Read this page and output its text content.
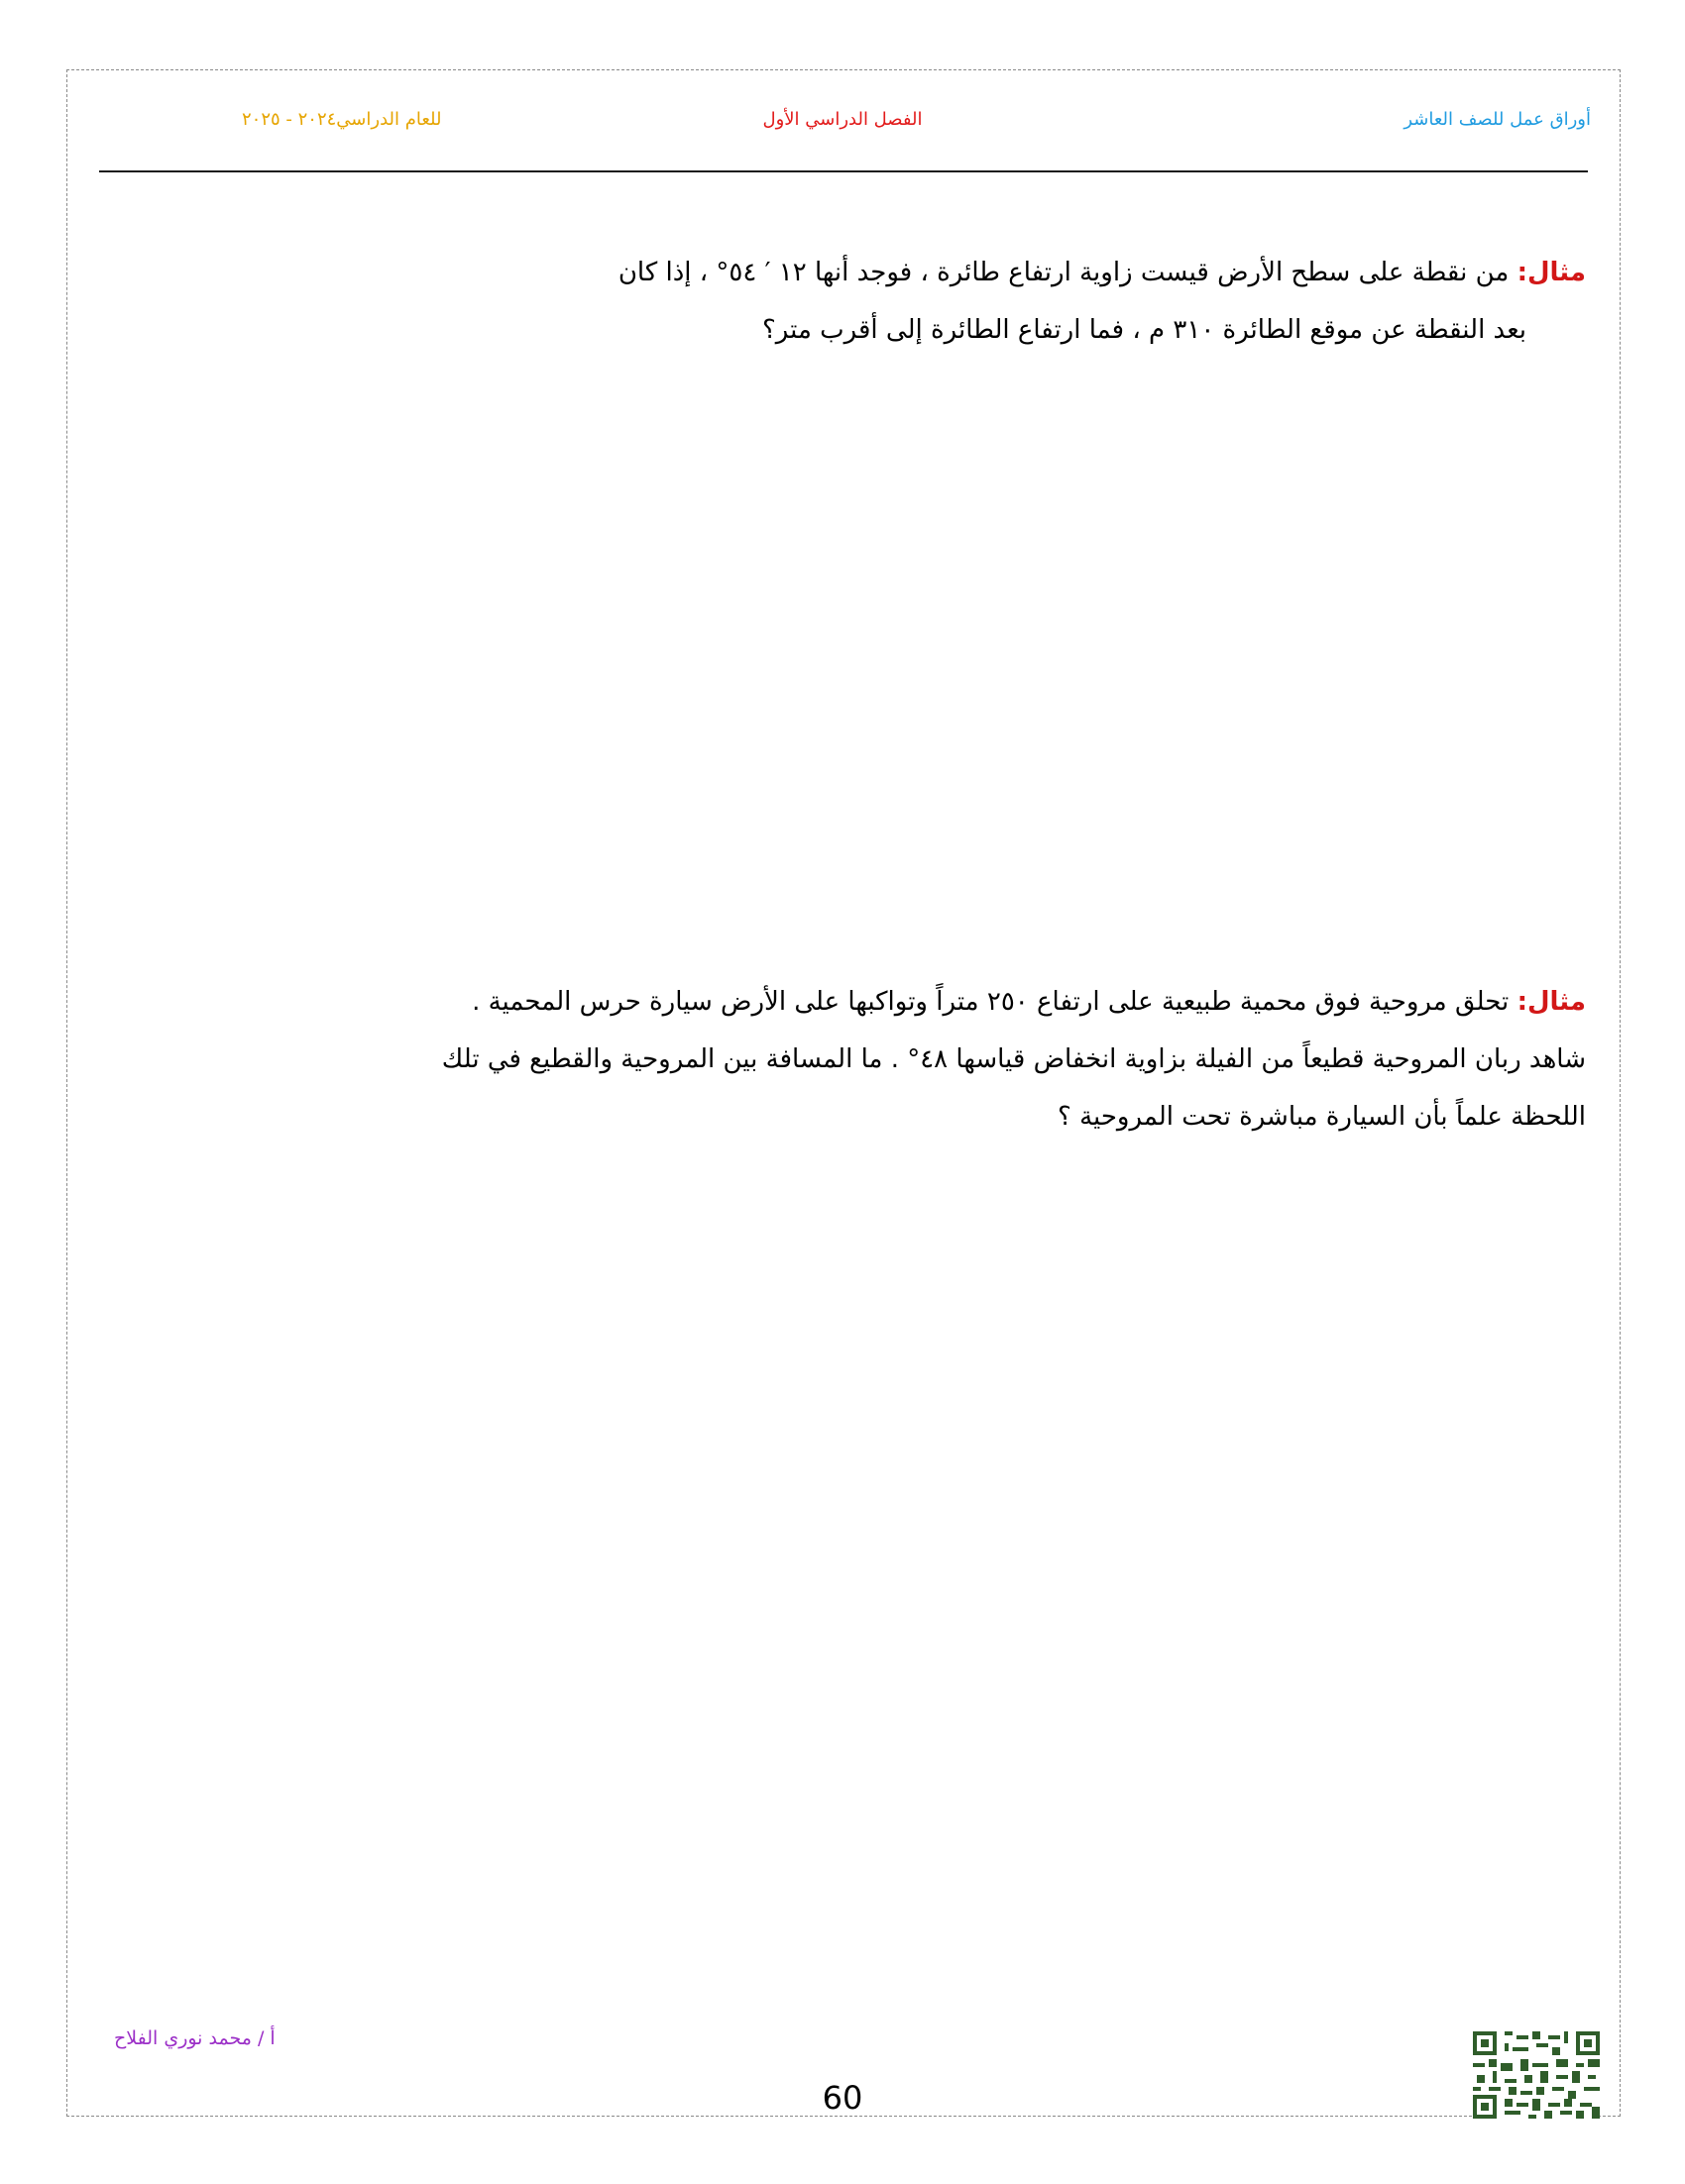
للعام الدراسي٢٠٢٤ - ٢٠٢٥	الفصل الدراسي الأول	أوراق عمل للصف العاشر
مثال: من نقطة على سطح الأرض قيست زاوية ارتفاع طائرة ، فوجد أنها ١٢ ′ ٥٤° ، إذا كان
بعد النقطة عن موقع الطائرة ٣١٠ م ، فما ارتفاع الطائرة إلى أقرب متر؟
مثال: تحلق مروحية فوق محمية طبيعية على ارتفاع ٢٥٠ متراً وتواكبها على الأرض سيارة حرس المحمية .
شاهد ربان المروحية قطيعاً من الفيلة بزاوية انخفاض قياسها ٤٨° . ما المسافة بين المروحية والقطيع في تلك
اللحظة علماً بأن السيارة مباشرة تحت المروحية ؟
أ / محمد نوري الفلاح
60
